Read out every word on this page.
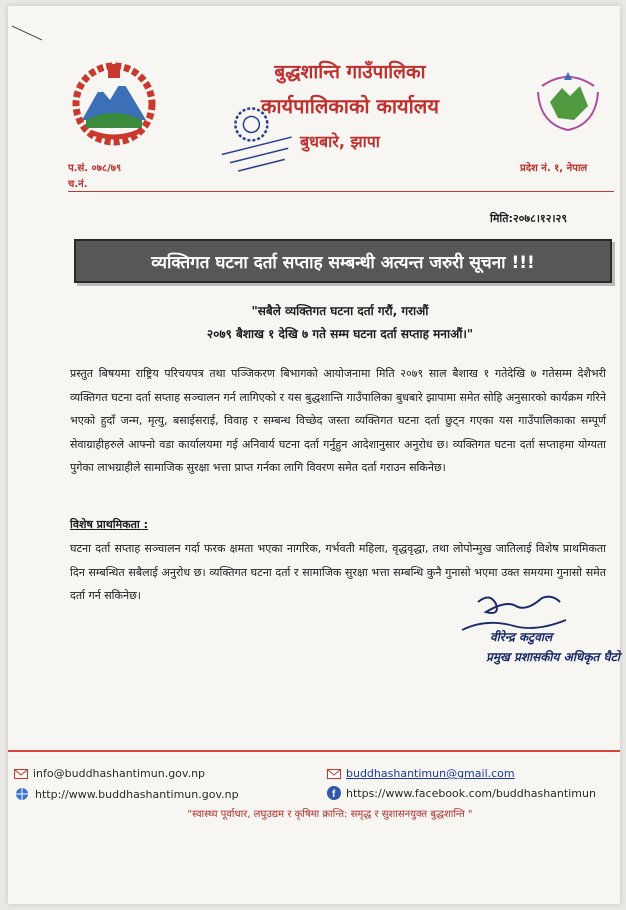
बुद्धशान्ति गाउँपालिका
कार्यपालिकाको कार्यालय
बुधबारे, झापा
प.सं. ०७८/७९
च.नं.
प्रदेश नं. १, नेपाल
मिति:२०७८।१२।२९
व्यक्तिगत घटना दर्ता सप्ताह सम्बन्धी अत्यन्त जरुरी सूचना !!!
"सबैले व्यक्तिगत घटना दर्ता गरौं, गराऔं
२०७९ बैशाख १ देखि ७ गते सम्म घटना दर्ता सप्ताह मनाऔं।"
प्रस्तुत बिषयमा राष्ट्रिय परिचयपत्र तथा पञ्जिकरण बिभागको आयोजनामा मिति २०७९ साल बैशाख १ गतेदेखि ७ गतेसम्म देशैभरी व्यक्तिगत घटना दर्ता सप्ताह सञ्चालन गर्न लागिएको र यस बुद्धशान्ति गाउँपालिका बुधबारे झापामा समेत सोहि अनुसारको कार्यक्रम गरिने भएको हुदाँ जन्म, मृत्यु, बसाईसराई, विवाह र सम्बन्ध विच्छेद जस्ता व्यक्तिगत घटना दर्ता छुट्न गएका यस गाउँपालिकाका सम्पूर्ण सेवाग्राहीहरुले आफ्नो वडा कार्यालयमा गई अनिवार्य घटना दर्ता गर्नुहुन आदेशानुसार अनुरोध छ। व्यक्तिगत घटना दर्ता सप्ताहमा योग्यता पुगेका लाभग्राहीले सामाजिक सुरक्षा भत्ता प्राप्त गर्नका लागि विवरण समेत दर्ता गराउन सकिनेछ।
विशेष प्राथमिकता :
घटना दर्ता सप्ताह सञ्चालन गर्दा फरक क्षमता भएका नागरिक, गर्भवती महिला, वृद्धवृद्धा, तथा लोपोन्मुख जातिलाई विशेष प्राथमिकता दिन सम्बन्धित सबैलाई अनुरोध छ। व्यक्तिगत घटना दर्ता र सामाजिक सुरक्षा भत्ता सम्बन्धि कुनै गुनासो भएमा उक्त समयमा गुनासो समेत दर्ता गर्न सकिनेछ।
वीरेन्द्र कटुवाल
प्रमुख प्रशासकीय अधिकृत घैटो
info@buddhashantimun.gov.np
http://www.buddhashantimun.gov.np
buddhashantimun@gmail.com
f https://www.facebook.com/buddhashantimun
"स्वास्थ्य पूर्वाधार, लघुउद्यम र कृषिमा क्रान्ति: समृद्ध र सुशासनयुक्त बुद्धशान्ति "
